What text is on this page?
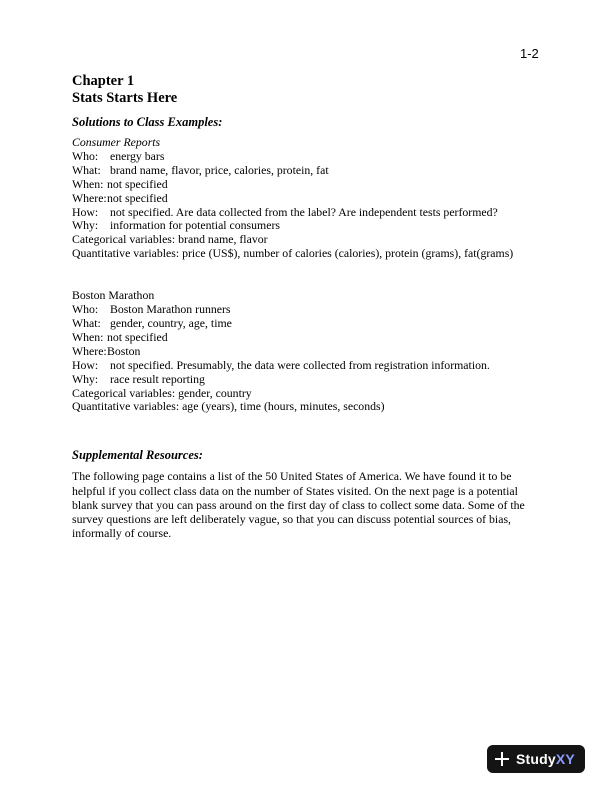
1-2
Chapter 1
Stats Starts Here
Solutions to Class Examples:
Consumer Reports
Who: energy bars
What: brand name, flavor, price, calories, protein, fat
When: not specified
Where:not specified
How: not specified. Are data collected from the label? Are independent tests performed?
Why: information for potential consumers
Categorical variables: brand name, flavor
Quantitative variables: price (US$), number of calories (calories), protein (grams), fat(grams)
Boston Marathon
Who: Boston Marathon runners
What: gender, country, age, time
When: not specified
Where:Boston
How: not specified. Presumably, the data were collected from registration information.
Why: race result reporting
Categorical variables: gender, country
Quantitative variables: age (years), time (hours, minutes, seconds)
Supplemental Resources:
The following page contains a list of the 50 United States of America. We have found it to be helpful if you collect class data on the number of States visited. On the next page is a potential blank survey that you can pass around on the first day of class to collect some data. Some of the survey questions are left deliberately vague, so that you can discuss potential sources of bias, informally of course.
StudyXY
